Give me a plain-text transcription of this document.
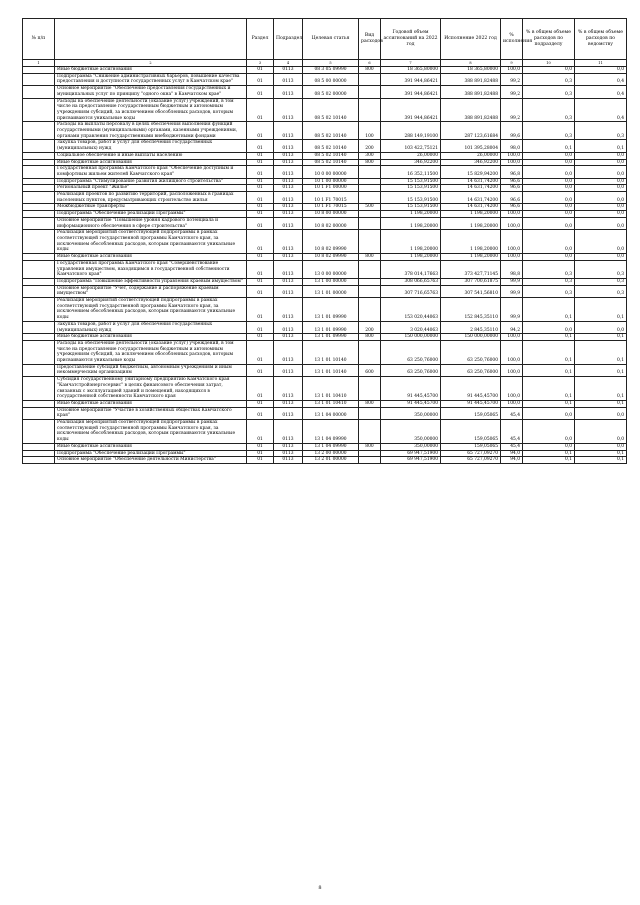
№ п/п		Раздел	Подраздел	Целевая статья	Вид расходов	Годовой объем ассигнований на 2022 год	Исполнение 2022 год	% исполнения	% в общем объеме расходов по подразделу	% в общем объеме расходов по ведомству
1	2	3	4	5	6	7	8	9	10	11
	Иные бюджетные ассигнования	01	0113	08 3 05 09990	800	18 365,80000	18 365,80000	100,0	0,0	0,0
	Подпрограмма "Снижение административных барьеров, повышение качества предоставления и доступности государственных услуг в Камчатском крае"	01	0113	08 5 00 00000		391 944,86421	388 891,82488	99,2	0,3	0,4
	Основное мероприятие "Обеспечение предоставления государственных и муниципальных услуг по принципу "одного окна" в Камчатском крае"	01	0113	08 5 02 00000		391 944,86421	388 891,82488	99,2	0,3	0,4
	Расходы на обеспечение деятельности (оказание услуг) учреждений, в том числе на предоставление государственным бюджетным и автономным учреждениям субсидий, за исключением обособленных расходов, которым присваиваются уникальные коды	01	0113	08 5 02 10140		391 944,86421	388 891,82488	99,2	0,3	0,4
	Расходы на выплаты персоналу в целях обеспечения выполнения функций государственными (муниципальными) органами, казенными учреждениями, органами управления государственными внебюджетными фондами	01	0113	08 5 02 10140	100	288 149,19100	287 123,61684	99,6	0,3	0,3
	Закупка товаров, работ и услуг для обеспечения государственных (муниципальных) нужд	01	0113	08 5 02 10140	200	103 422,75121	101 395,28004	98,0	0,1	0,1
	Социальное обеспечение и иные выплаты населению	01	0113	08 5 02 10140	300	26,00000	26,00000	100,0	0,0	0,0
	Иные бюджетные ассигнования	01	0113	08 5 02 10140	800	346,92200	346,92200	100,0	0,0	0,0
	Государственная программа Камчатского края "Обеспечение доступным и комфортным жильем жителей Камчатского края"	01	0113	10 0 00 00000		16 352,11500	15 829,94200	96,8	0,0	0,0
	Подпрограмма "Стимулирование развития жилищного строительства"	01	0113	10 1 00 00000		15 153,91500	14 631,74200	96,6	0,0	0,0
	Региональный проект "Жилье"	01	0113	10 1 F1 00000		15 153,91500	14 631,74200	96,6	0,0	0,0
	Реализация проектов по развитию территорий, расположенных в границах населенных пунктов, предусматривающих строительство жилья	01	0113	10 1 F1 70015		15 153,91500	14 631,74200	96,6	0,0	0,0
	Межбюджетные трансферты	01	0113	10 1 F1 70015	500	15 153,91500	14 631,74200	96,6	0,0	0,0
	Подпрограмма "Обеспечение реализации Программы"	01	0113	10 8 00 00000		1 198,20000	1 198,20000	100,0	0,0	0,0
	Основное мероприятие "Повышение уровня кадрового потенциала и информационного обеспечения в сфере строительства"	01	0113	10 8 02 00000		1 198,20000	1 198,20000	100,0	0,0	0,0
	Реализация мероприятий соответствующей подпрограммы в рамках соответствующей государственной программы Камчатского края, за исключением обособленных расходов, которым присваиваются уникальные коды	01	0113	10 8 02 09990		1 198,20000	1 198,20000	100,0	0,0	0,0
	Иные бюджетные ассигнования	01	0113	10 8 02 09990	800	1 198,20000	1 198,20000	100,0	0,0	0,0
	Государственная программа Камчатского края "Совершенствование управления имуществом, находящимся в государственной собственности Камчатского края"	01	0113	13 0 00 00000		378 014,17663	373 427,71145	98,8	0,3	0,3
	Подпрограмма "Повышение эффективности управления краевым имуществом"	01	0113	13 1 00 00000		308 066,65763	307 700,61875	99,9	0,3	0,3
	Основное мероприятие "Учет, содержание и распоряжение краевым имуществом"	01	0113	13 1 01 00000		307 716,65763	307 541,56810	99,9	0,3	0,3
	Реализация мероприятий соответствующей подпрограммы в рамках соответствующей государственной программы Камчатского края, за исключением обособленных расходов, которым присваиваются уникальные коды	01	0113	13 1 01 09990		153 020,44063	152 845,35110	99,9	0,1	0,1
	Закупка товаров, работ и услуг для обеспечения государственных (муниципальных) нужд	01	0113	13 1 01 09990	200	3 020,44063	2 845,35110	94,2	0,0	0,0
	Иные бюджетные ассигнования	01	0113	13 1 01 09990	800	150 000,00000	150 000,00000	100,0	0,1	0,1
	Расходы на обеспечение деятельности (оказание услуг) учреждений, в том числе на предоставление государственным бюджетным и автономным учреждениям субсидий, за исключением обособленных расходов, которым присваиваются уникальные коды	01	0113	13 1 01 10140		63 250,76000	63 250,76000	100,0	0,1	0,1
	Предоставление субсидий бюджетным, автономным учреждениям и иным некоммерческим организациям	01	0113	13 1 01 10140	600	63 250,76000	63 250,76000	100,0	0,1	0,1
	Субсидия государственному унитарному предприятию Камчатского края "Камчатстройэнергосервис" в целях финансового обеспечения затрат, связанных с эксплуатацией зданий и помещений, находящихся в государственной собственности Камчатского края	01	0113	13 1 01 10410		91 445,45700	91 445,45700	100,0	0,1	0,1
	Иные бюджетные ассигнования	01	0113	13 1 01 10410	800	91 445,45700	91 445,45700	100,0	0,1	0,1
	Основное мероприятие "Участие в хозяйственных обществах Камчатского края"	01	0113	13 1 04 00000		350,00000	159,05065	45,4	0,0	0,0
	Реализация мероприятий соответствующей подпрограммы в рамках соответствующей государственной программы Камчатского края, за исключением обособленных расходов, которым присваиваются уникальные коды	01	0113	13 1 04 09990		350,00000	159,05065	45,4	0,0	0,0
	Иные бюджетные ассигнования	01	0113	13 1 04 09990	800	350,00000	159,05065	45,4	0,0	0,0
	Подпрограмма "Обеспечение реализации Программы"	01	0113	13 2 00 00000		69 947,51900	65 727,09270	94,0	0,1	0,1
	Основное мероприятие "Обеспечение деятельности Министерства"	01	0113	13 2 01 00000		69 947,51900	65 727,09270	94,0	0,1	0,1
8
